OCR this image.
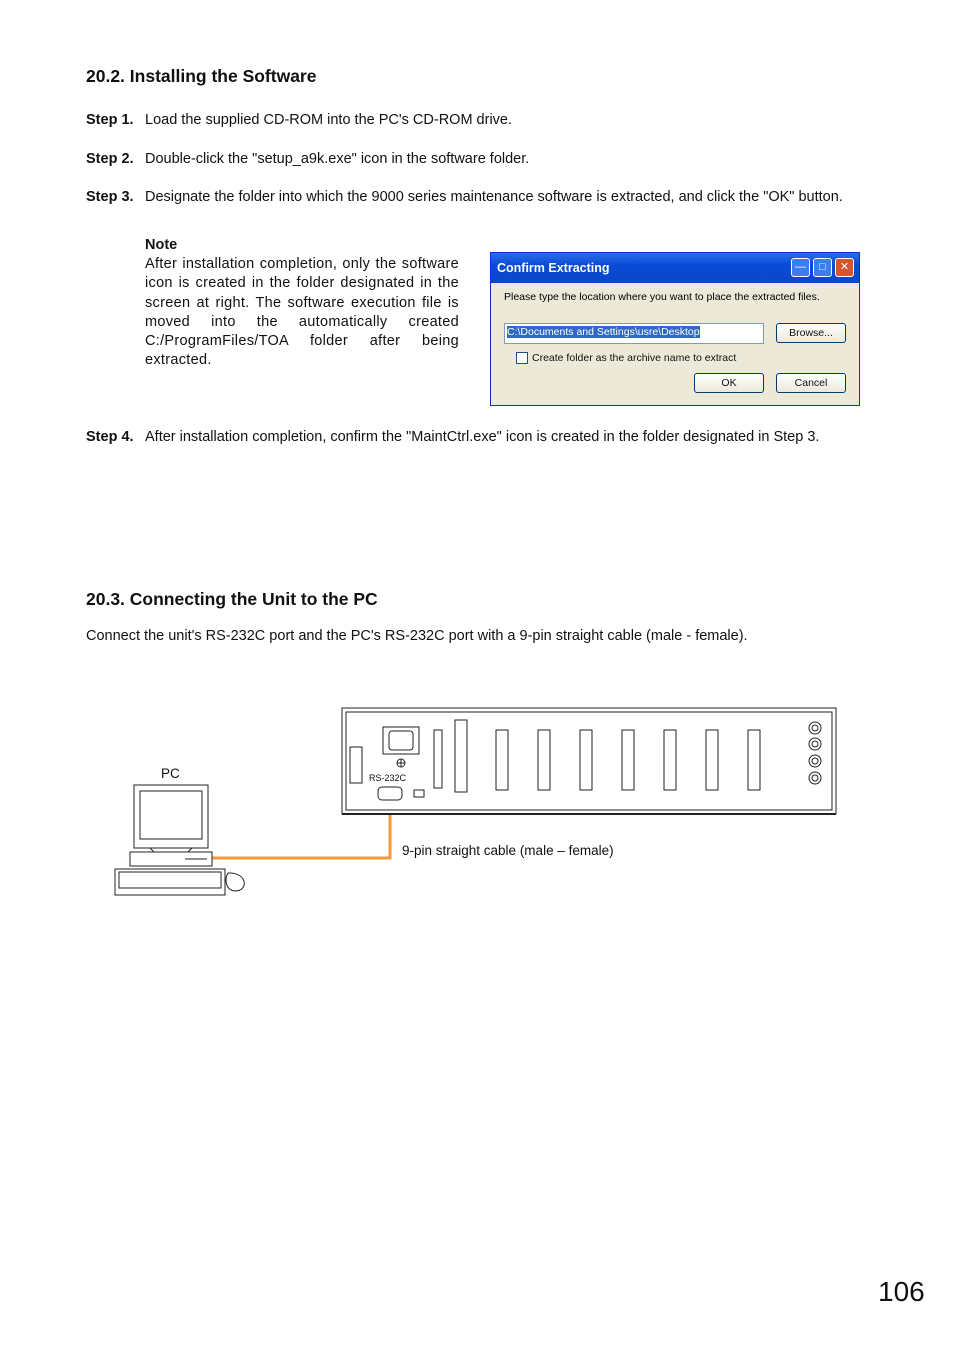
20.2. Installing the Software
Step 1. Load the supplied CD-ROM into the PC's CD-ROM drive.
Step 2. Double-click the "setup_a9k.exe" icon in the software folder.
Step 3. Designate the folder into which the 9000 series maintenance software is extracted, and click the "OK" button.
Note
After installation completion, only the software icon is created in the folder designated in the screen at right. The software execution file is moved into the automatically created C:/ProgramFiles/TOA folder after being extracted.
Confirm Extracting	—	□	✕
Please type the location where you want to place the extracted files.
C:\Documents and Settings\usre\Desktop	Browse...
Create folder as the archive name to extract
OK	Cancel
Step 4. After installation completion, confirm the "MaintCtrl.exe" icon is created in the folder designated in Step 3.
20.3. Connecting the Unit to the PC
Connect the unit's RS-232C port and the PC's RS-232C port with a 9-pin straight cable (male - female).
PC	RS-232C
9-pin straight cable (male – female)
106
